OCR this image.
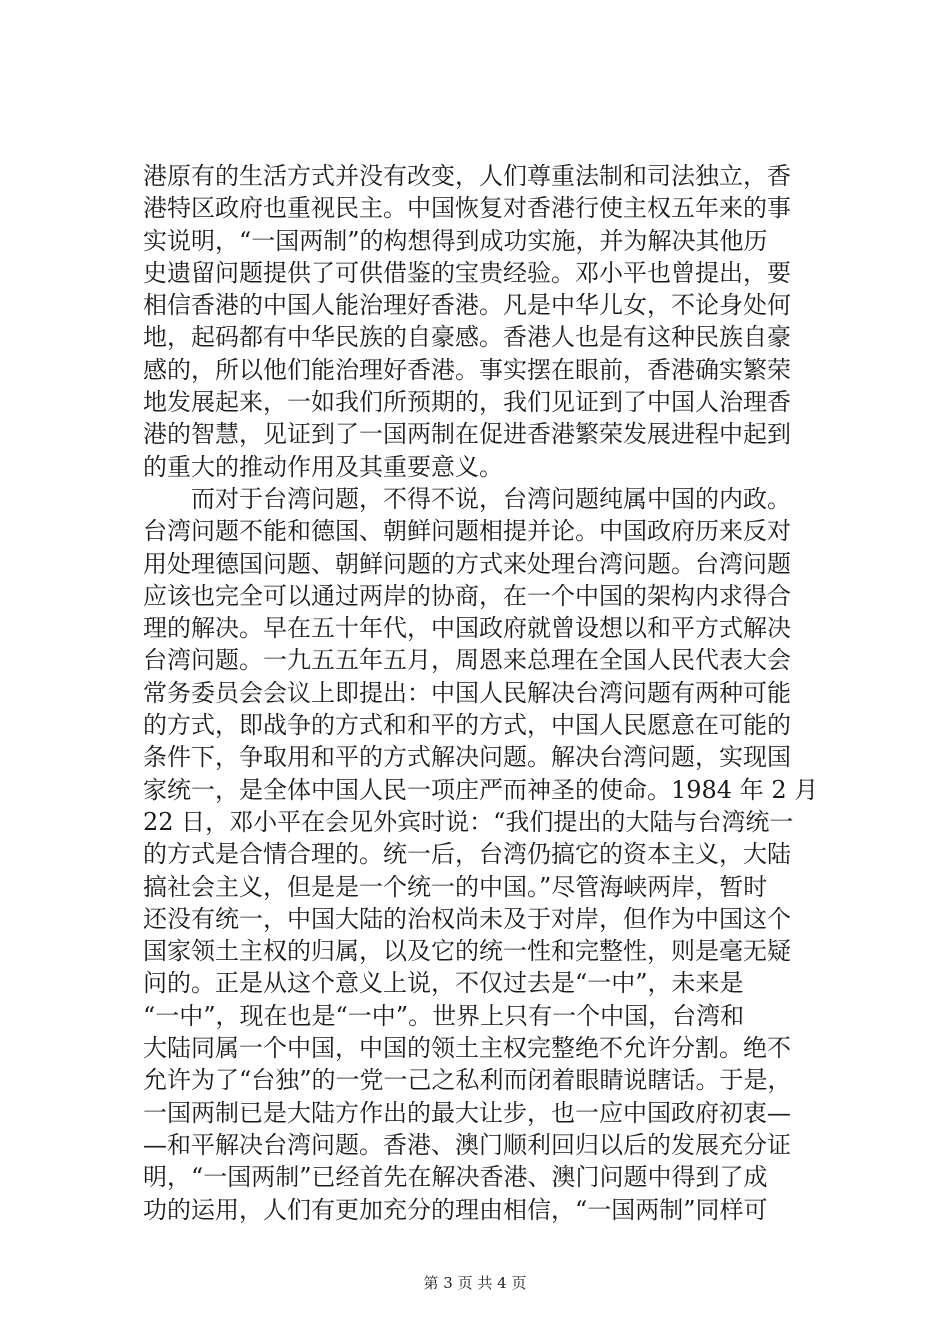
港原有的生活方式并没有改变，人们尊重法制和司法独立，香
港特区政府也重视民主。中国恢复对香港行使主权五年来的事
实说明，“一国两制”的构想得到成功实施，并为解决其他历
史遗留问题提供了可供借鉴的宝贵经验。邓小平也曾提出，要
相信香港的中国人能治理好香港。凡是中华儿女，不论身处何
地，起码都有中华民族的自豪感。香港人也是有这种民族自豪
感的，所以他们能治理好香港。事实摆在眼前，香港确实繁荣
地发展起来，一如我们所预期的，我们见证到了中国人治理香
港的智慧，见证到了一国两制在促进香港繁荣发展进程中起到
的重大的推动作用及其重要意义。
　　而对于台湾问题，不得不说，台湾问题纯属中国的内政。
台湾问题不能和德国、朝鲜问题相提并论。中国政府历来反对
用处理德国问题、朝鲜问题的方式来处理台湾问题。台湾问题
应该也完全可以通过两岸的协商，在一个中国的架构内求得合
理的解决。早在五十年代，中国政府就曾设想以和平方式解决
台湾问题。一九五五年五月，周恩来总理在全国人民代表大会
常务委员会会议上即提出：中国人民解决台湾问题有两种可能
的方式，即战争的方式和和平的方式，中国人民愿意在可能的
条件下，争取用和平的方式解决问题。解决台湾问题，实现国
家统一，是全体中国人民一项庄严而神圣的使命。1984 年 2 月
22 日，邓小平在会见外宾时说：“我们提出的大陆与台湾统一
的方式是合情合理的。统一后，台湾仍搞它的资本主义，大陆
搞社会主义，但是是一个统一的中国。”尽管海峡两岸，暂时
还没有统一，中国大陆的治权尚未及于对岸，但作为中国这个
国家领土主权的归属，以及它的统一性和完整性，则是毫无疑
问的。正是从这个意义上说，不仅过去是“一中”，未来是
“一中”，现在也是“一中”。世界上只有一个中国，台湾和
大陆同属一个中国，中国的领土主权完整绝不允许分割。绝不
允许为了“台独”的一党一己之私利而闭着眼睛说瞎话。于是，
一国两制已是大陆方作出的最大让步，也一应中国政府初衷—
—和平解决台湾问题。香港、澳门顺利回归以后的发展充分证
明，“一国两制”已经首先在解决香港、澳门问题中得到了成
功的运用，人们有更加充分的理由相信，“一国两制”同样可
第 3 页 共 4 页
